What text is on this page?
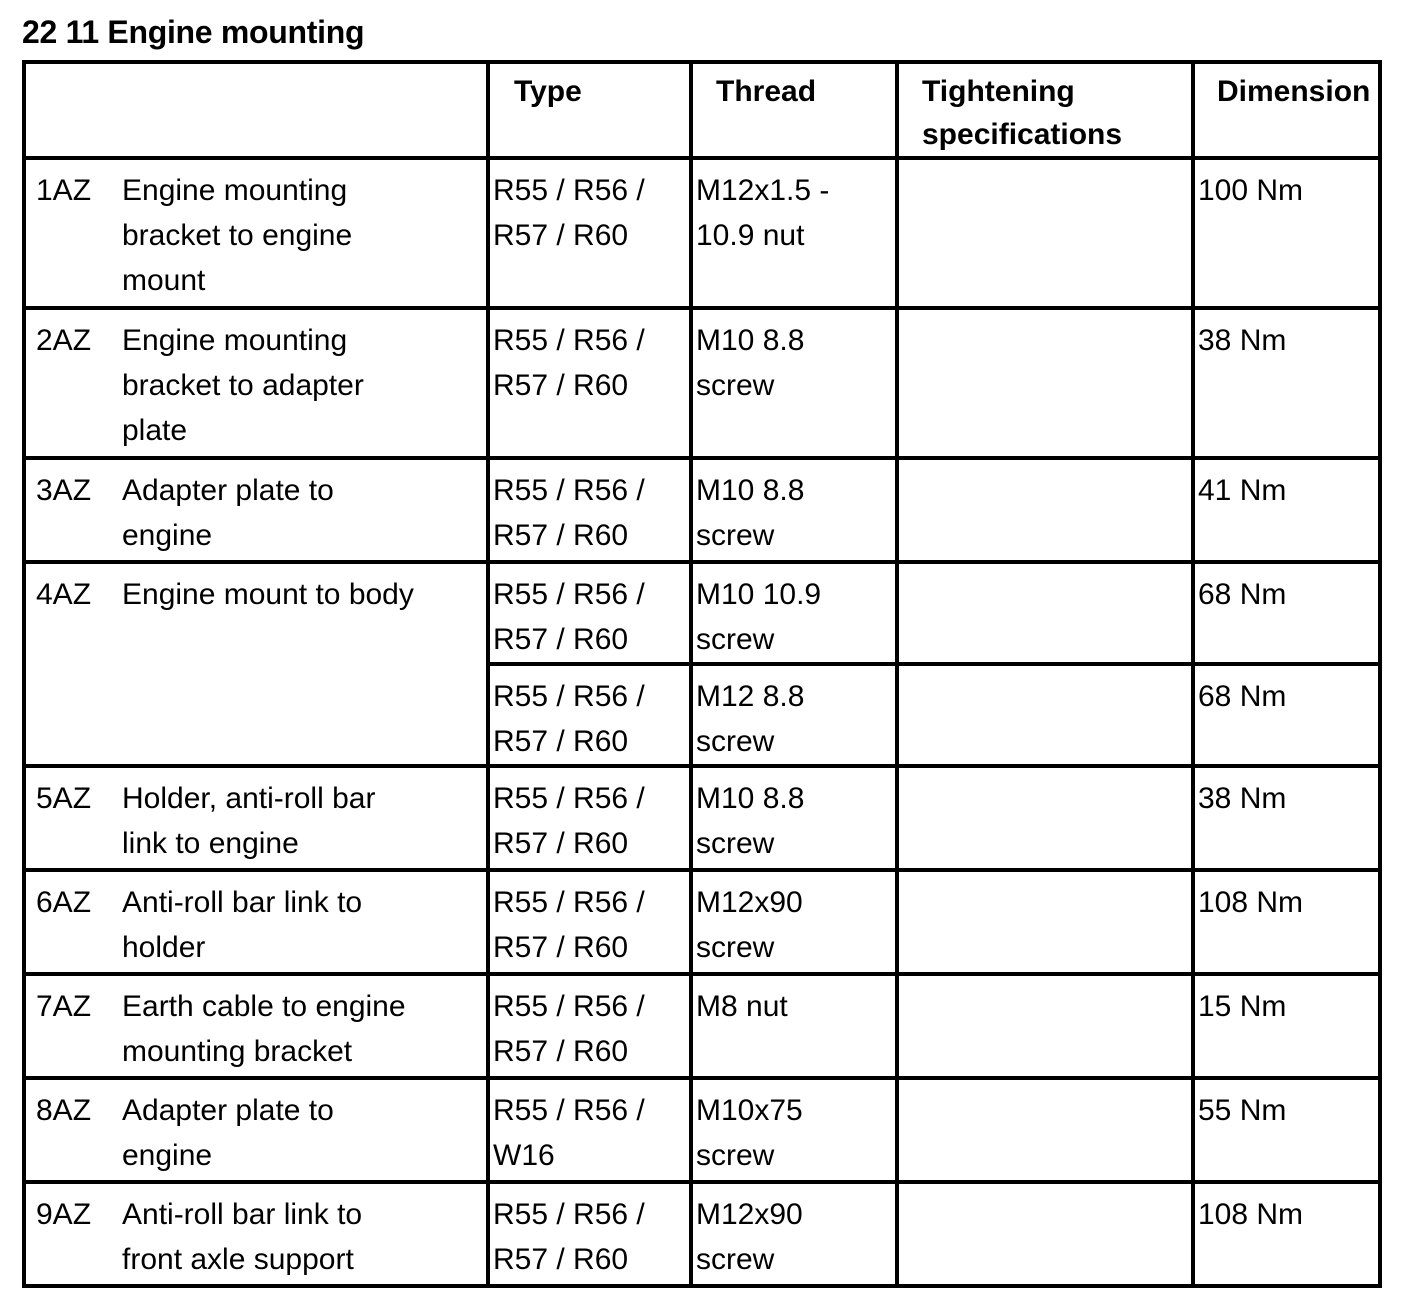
22 11 Engine mounting

	Type	Thread	Tightening specifications	Dimension

1AZ Engine mounting bracket to engine mount	R55 / R56 / R57 / R60	M12x1.5 - 10.9 nut		100 Nm

2AZ Engine mounting bracket to adapter plate	R55 / R56 / R57 / R60	M10 8.8 screw		38 Nm

3AZ Adapter plate to engine	R55 / R56 / R57 / R60	M10 8.8 screw		41 Nm

4AZ Engine mount to body	R55 / R56 / R57 / R60	M10 10.9 screw		68 Nm

	R55 / R56 / R57 / R60	M12 8.8 screw		68 Nm

5AZ Holder, anti-roll bar link to engine	R55 / R56 / R57 / R60	M10 8.8 screw		38 Nm

6AZ Anti-roll bar link to holder	R55 / R56 / R57 / R60	M12x90 screw		108 Nm

7AZ Earth cable to engine mounting bracket	R55 / R56 / R57 / R60	M8 nut		15 Nm

8AZ Adapter plate to engine	R55 / R56 / W16	M10x75 screw		55 Nm

9AZ Anti-roll bar link to front axle support	R55 / R56 / R57 / R60	M12x90 screw		108 Nm
